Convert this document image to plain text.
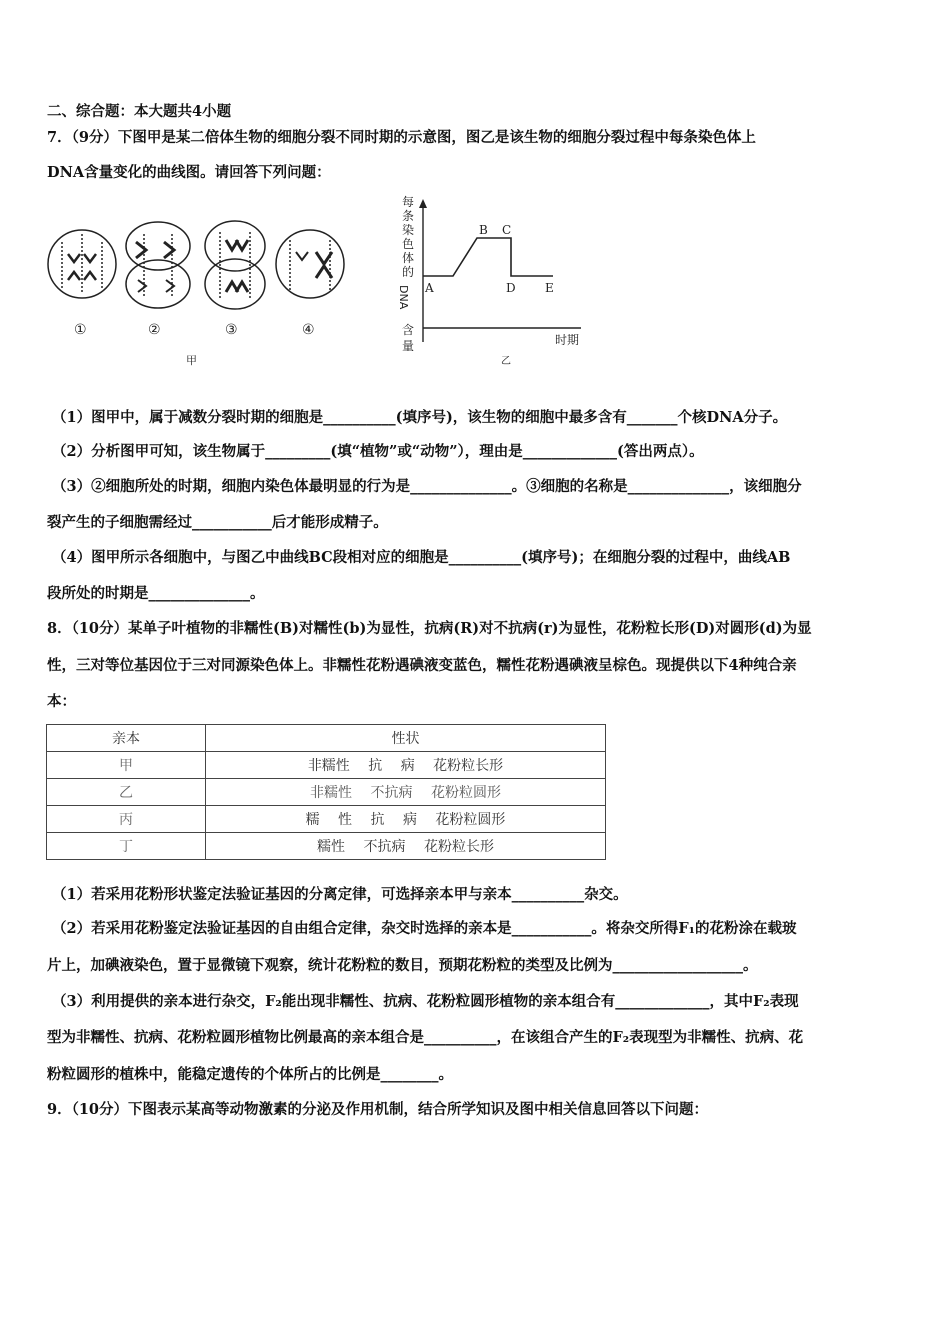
二、综合题：本大题共4小题
7．（9分）下图甲是某二倍体生物的细胞分裂不同时期的示意图，图乙是该生物的细胞分裂过程中每条染色体上
DNA含量变化的曲线图。请回答下列问题：
①	②	③	④
甲
每
条
染
色
体
的
DNA
含
量
A
B C
D E
时期
乙
（1）图甲中，属于减数分裂时期的细胞是__________(填序号)，该生物的细胞中最多含有_______个核DNA分子。
（2）分析图甲可知，该生物属于_________(填“植物”或“动物”），理由是_____________(答出两点）。
（3）②细胞所处的时期，细胞内染色体最明显的行为是______________。③细胞的名称是______________，该细胞分
裂产生的子细胞需经过___________后才能形成精子。
（4）图甲所示各细胞中，与图乙中曲线BC段相对应的细胞是__________(填序号)；在细胞分裂的过程中，曲线AB
段所处的时期是______________。
8．（10分）某单子叶植物的非糯性(B)对糯性(b)为显性，抗病(R)对不抗病(r)为显性，花粉粒长形(D)对圆形(d)为显
性，三对等位基因位于三对同源染色体上。非糯性花粉遇碘液变蓝色，糯性花粉遇碘液呈棕色。现提供以下4种纯合亲
本：
亲本	性状
甲	非糯性 抗 病 花粉粒长形
乙	非糯性 不抗病 花粉粒圆形
丙	糯 性 抗 病 花粉粒圆形
丁	糯性 不抗病 花粉粒长形
（1）若采用花粉形状鉴定法验证基因的分离定律，可选择亲本甲与亲本__________杂交。
（2）若采用花粉鉴定法验证基因的自由组合定律，杂交时选择的亲本是___________。将杂交所得F₁的花粉涂在载玻
片上，加碘液染色，置于显微镜下观察，统计花粉粒的数目，预期花粉粒的类型及比例为__________________。
（3）利用提供的亲本进行杂交，F₂能出现非糯性、抗病、花粉粒圆形植物的亲本组合有_____________，其中F₂表现
型为非糯性、抗病、花粉粒圆形植物比例最高的亲本组合是__________，在该组合产生的F₂表现型为非糯性、抗病、花
粉粒圆形的植株中，能稳定遗传的个体所占的比例是________。
9．（10分）下图表示某高等动物激素的分泌及作用机制，结合所学知识及图中相关信息回答以下问题：
